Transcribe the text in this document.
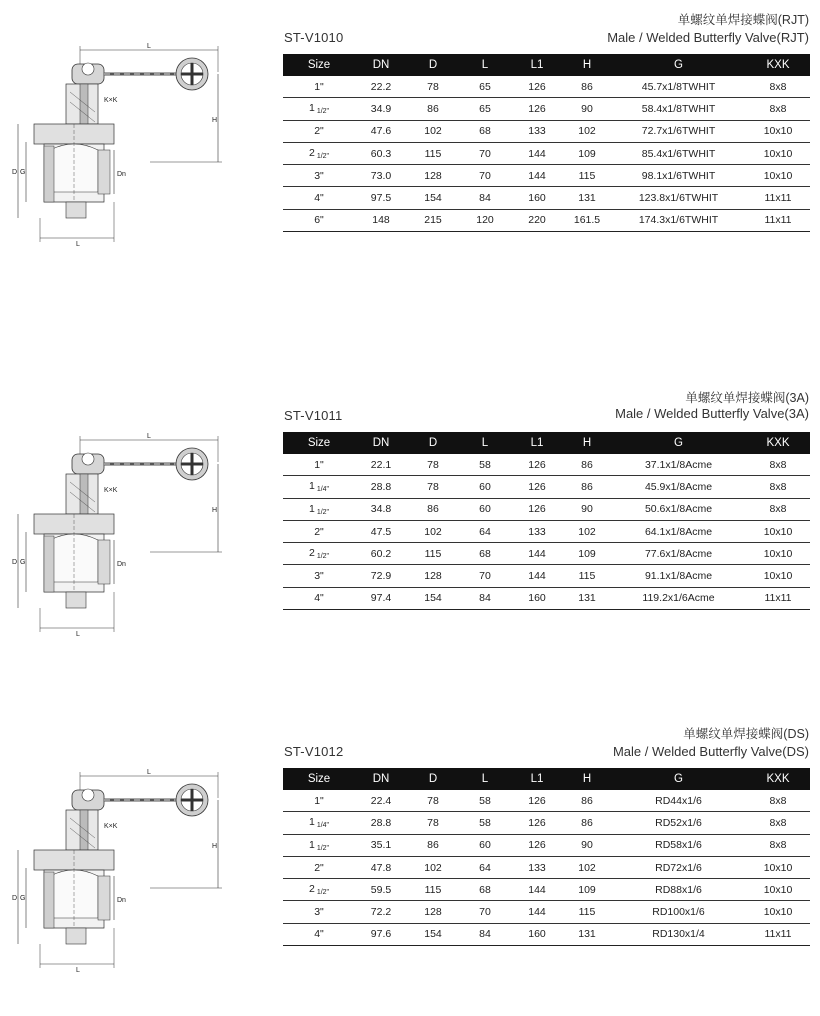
L
H
K×K
D G	Dn
L
ST-V1010
单螺纹单焊接蝶阀(RJT)
Male / Welded Butterfly Valve(RJT)
Size	DN	D	L	L1	H	G	KXK
1"	22.2	78	65	126	86	45.7x1/8TWHIT	8x8
1 1/2"	34.9	86	65	126	90	58.4x1/8TWHIT	8x8
2"	47.6	102	68	133	102	72.7x1/6TWHIT	10x10
2 1/2"	60.3	115	70	144	109	85.4x1/6TWHIT	10x10
3"	73.0	128	70	144	115	98.1x1/6TWHIT	10x10
4"	97.5	154	84	160	131	123.8x1/6TWHIT	11x11
6"	148	215	120	220	161.5	174.3x1/6TWHIT	11x11
L
H
K×K
D G	Dn
L
ST-V1011
单螺纹单焊接蝶阀(3A)
Male / Welded Butterfly Valve(3A)
Size	DN	D	L	L1	H	G	KXK
1"	22.1	78	58	126	86	37.1x1/8Acme	8x8
1 1/4"	28.8	78	60	126	86	45.9x1/8Acme	8x8
1 1/2"	34.8	86	60	126	90	50.6x1/8Acme	8x8
2"	47.5	102	64	133	102	64.1x1/8Acme	10x10
2 1/2"	60.2	115	68	144	109	77.6x1/8Acme	10x10
3"	72.9	128	70	144	115	91.1x1/8Acme	10x10
4"	97.4	154	84	160	131	119.2x1/6Acme	11x11
L
H
K×K
D G	Dn
L
ST-V1012
单螺纹单焊接蝶阀(DS)
Male / Welded Butterfly Valve(DS)
Size	DN	D	L	L1	H	G	KXK
1"	22.4	78	58	126	86	RD44x1/6	8x8
1 1/4"	28.8	78	58	126	86	RD52x1/6	8x8
1 1/2"	35.1	86	60	126	90	RD58x1/6	8x8
2"	47.8	102	64	133	102	RD72x1/6	10x10
2 1/2"	59.5	115	68	144	109	RD88x1/6	10x10
3"	72.2	128	70	144	115	RD100x1/6	10x10
4"	97.6	154	84	160	131	RD130x1/4	11x11
